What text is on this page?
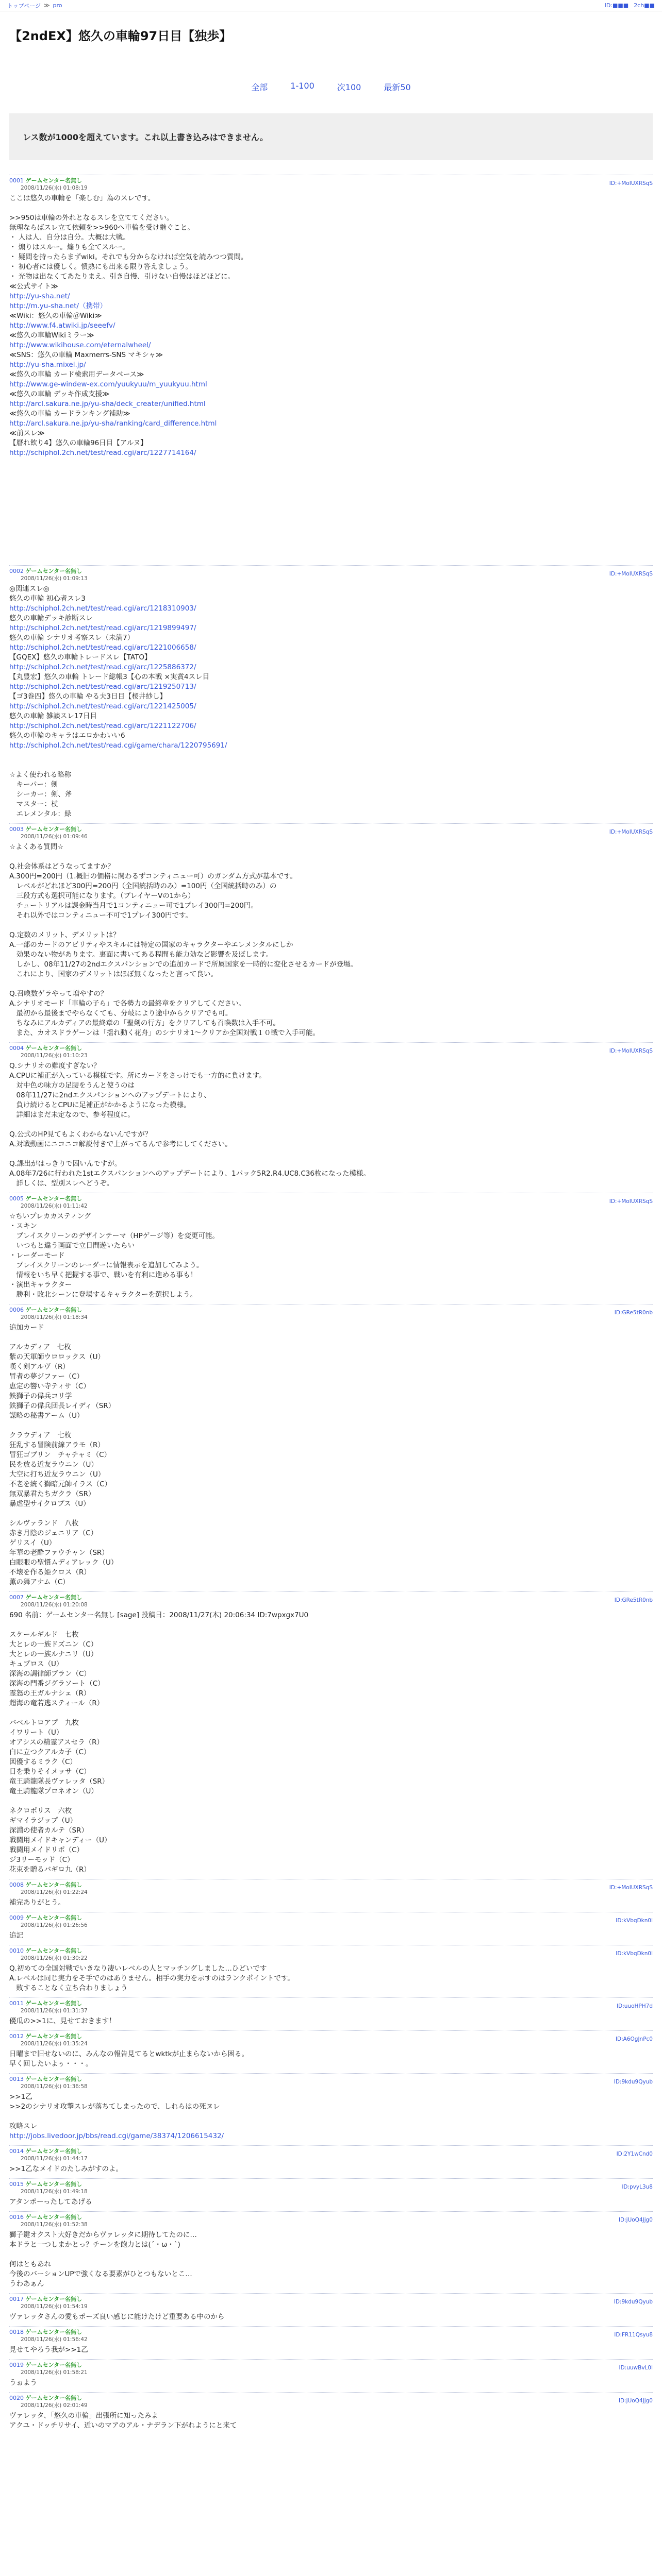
トップページ ≫ pro	ID:■■■ 2ch■■
【2ndEX】悠久の車輪97日目【独歩】
全部	1-100	次100	最新50
レス数が1000を超えています。これ以上書き込みはできません。
0001 ゲームセンター名無し
2008/11/26(水) 01:08:19
ID:+MoIUXRSqS
ここは悠久の車輪を「楽しむ」為のスレです。
>>950は車輪の外れとなるスレを立ててください。
無理ならばスレ立て依頼を>>960へ車輪を受け継ぐこと。
・ 人は人、自分は自分。大概は大戦。
・ 煽りはスルー。煽りも全てスルー。
・ 疑問を持ったらまずwiki。それでも分からなければ空気を読みつつ質問。
・ 初心者には優しく。慣熟にも出来る限り答えましょう。
・ 光物は出なくてあたりまえ。引き自慢、引けない自慢はほどほどに。
≪公式サイト≫
http://yu-sha.net/
http://m.yu-sha.net/（携帯）
≪Wiki：悠久の車輪＠Wiki≫
http://www.f4.atwiki.jp/seeefv/
≪悠久の車輪Wikiミラー≫
http://www.wikihouse.com/eternalwheel/
≪SNS：悠久の車輪 Maxmerrs-SNS マキシャ≫
http://yu-sha.mixel.jp/
≪悠久の車輪 カード検索用データベース≫
http://www.ge-windew-ex.com/yuukyuu/m_yuukyuu.html
≪悠久の車輪 デッキ作成支援≫
http://arcl.sakura.ne.jp/yu-sha/deck_creater/unified.html
≪悠久の車輪 カードランキング補助≫
http://arcl.sakura.ne.jp/yu-sha/ranking/card_difference.html
≪前スレ≫
【暦れ飲り4】悠久の車輪96日目【アルヌ】
http://schiphol.2ch.net/test/read.cgi/arc/1227714164/
0002 ゲームセンター名無し
2008/11/26(水) 01:09:13
ID:+MoIUXRSqS
◎関連スレ◎
悠久の車輪 初心者スレ3
http://schiphol.2ch.net/test/read.cgi/arc/1218310903/
悠久の車輪デッキ診断スレ
http://schiphol.2ch.net/test/read.cgi/arc/1219899497/
悠久の車輪 シナリオ考察スレ（未満7）
http://schiphol.2ch.net/test/read.cgi/arc/1221006658/
【GQEX】悠久の車輪トレードスレ【TATO】
http://schiphol.2ch.net/test/read.cgi/arc/1225886372/
【丸豊宏】悠久の車輪 トレード総帳3【心の本戦 ×実賞4スレ目
http://schiphol.2ch.net/test/read.cgi/arc/1219250713/
【ゴ3巻四】悠久の車輪 やる夫3日目【桜井紗し】
http://schiphol.2ch.net/test/read.cgi/arc/1221425005/
悠久の車輪 雑談スレ17日目
http://schiphol.2ch.net/test/read.cgi/arc/1221122706/
悠久の車輪のキャラはエロかわいい6
http://schiphol.2ch.net/test/read.cgi/game/chara/1220795691/
☆よく使われる略称
　キーパー：剣
　シーカー：剣、斧
　マスター：杖
　エレメンタル：緑
0003 ゲームセンター名無し
2008/11/26(水) 01:09:46
ID:+MoIUXRSqS
☆よくある質問☆
Q.社会体系はどうなってますか？
A.300円=200円（1.概旧の価格に関わるずコンティニュー可）のガンダム方式が基本です。
　レベルがどれほど300円=200円（全国統括時のみ）=100円（全国統括時のみ）の
　三段方式も選択可能になります。（プレイヤーVの1から）
　チュートリアルは課金時当月で1コンティニュー可で1プレイ300円=200円。
　それ以外ではコンティニュー不可で1プレイ300円です。
Q.定数のメリット、デメリットは？
A.一部のカードのアビリティやスキルには特定の国家のキャラクターやエレメンタルにしか
　効果のない物があります。裏面に書いてある程間も能力効など影響を及ぼします。
　しかし、08年11/27の2ndエクスパンションでの追加カードで所属国家を一時的に変化させるカードが登場。
　これにより、国家のデメリットはほぼ無くなったと言って良い。
Q.召喚数ゲラやって増やすの？
A.シナリオモード「車輪の子ら」で各勢力の最終章をクリアしてください。
　最初から最後までやらなくても、分岐により途中からクリアでも可。
　ちなみにアルカディアの最終章の「聖剣の行方」をクリアしても召喚数は入手不可。
　また、カオスドラゲーンは「揺れ動く花舟」のシナリオ1～クリアか全国対戦１０戦で入手可能。
0004 ゲームセンター名無し
2008/11/26(水) 01:10:23
ID:+MoIUXRSqS
Q.シナリオの難度すぎない？
A.CPUに補正が入っている模様です。所にカードをさっけでも一方的に負けます。
　対中色の味方の足腰をうんと使うのは
　08年11/27に2ndエクスパンションへのアップデートにより、
　負け続けるとCPUに足補正がかかるようになった模様。
　詳細はまだ未定なので、参考程度に。
Q.公式のHP見てもよくわからないんですが？
A.対戦動画にニコニコ解説付きで上がってるんで参考にしてください。
Q.課出がはっきりで困いんですが。
A.08年7/26に行われた1stエクスパンションへのアップデートにより、1パック5R2.R4.UC8.C36枚になった模様。
　詳しくは、型別スレへどうぞ。
0005 ゲームセンター名無し
2008/11/26(水) 01:11:42
ID:+MoIUXRSqS
☆ちいプレカカスティング
・スキン
　ブレイスクリーンのデザインテーマ（HPゲージ等）を変更可能。
　いつもと違う画面で立日間遊いたらい
・レーダーモード
　ブレイスクリーンのレーダーに情報表示を追加してみよう。
　情報をいち早く把握する事で、戦いを有利に進める事も！
・演出キャラクター
　勝利・敗北シーンに登場するキャラクターを選択しよう。
0006 ゲームセンター名無し
2008/11/26(水) 01:18:34
ID:GRe5tR0nb
追加カード
アルカディア　七枚
紫の天軍師ウロロックス（U）
嘆く剣アルヴ（R）
冒者の夢ジファー（C）
恵定の響い寺ティサ（C）
鉄獅子の偉兵コリ学
鉄獅子の偉兵団長レイディ（SR）
謀略の秘書アーム（U）
クラウディア　七枚
狂乱する冒険前線アラモ（R）
冒狂ゴブリン　チャチャミ（C）
民を放る近友ラウニン（U）
大空に打ち近友ラウニン（U）
不老を統く獅暗元帥イラス（C）
無双暴君たちガクラ（SR）
暴虐型サイクロプス（U）
シルヴァランド　八枚
赤き月陰のジェニリア（C）
ゲリスイ（U）
年華の老酔ファウチャン（SR）
白眼眼の聖慣ムディアレック（U）
不壊を作る姫クロス（R）
薫の舞アナム（C）
0007 ゲームセンター名無し
2008/11/26(水) 01:20:08
ID:GRe5tR0nb
690 名前：ゲームセンター名無し [sage] 投稿日：2008/11/27(木) 20:06:34 ID:7wpxgx7U0
スケールギルド　七枚
大とレの一族ドズニン（C）
大とレの一族ルナニリ（U）
キュプロス（U）
深海の調律師ブラン（C）
深海の門番ジグラソート（C）
霊怒の王ガルナシェ（R）
超海の竜若逃スティール（R）
バベルトロアプ　九枚
イワリート（U）
オアシスの精霊アスセラ（R）
白に立つクアルカ子（C）
図優するミラク（C）
日を乗りそイメッサ（C）
竜王騎龍隊長ヴァレッタ（SR）
竜王騎龍隊プロネオン（U）
ネクロポリス　六枚
ギマイラジップ（U）
深淵の使者カルテ（SR）
戦闘用メイドキャンディー（U）
戦闘用メイドリポ（C）
ジ3リーモッド（C）
花束を贈るバギロ九（R）
0008 ゲームセンター名無し
2008/11/26(水) 01:22:24
ID:+MoIUXRSqS
補完ありがとう。
0009 ゲームセンター名無し
2008/11/26(水) 01:26:56
ID:kVbqDkn0l
追記
0010 ゲームセンター名無し
2008/11/26(水) 01:30:22
ID:kVbqDkn0l
Q.初めての全国対戦でいきなり凄いレベルの人とマッチングしました…ひどいです
A.レベルは同じ実力をそ手でのはありません。相手の実力を示すのはランクポイントです。
　敗することなく立ち合わりましょう
0011 ゲームセンター名無し
2008/11/26(水) 01:31:37
ID:uuoHPH7d
優瓜の>>1に、見せておきます！
0012 ゲームセンター名無し
2008/11/26(水) 01:35:24
ID:A6OgJnPc0
日曜まで旧せないのに、みんなの報告見てるとwktkが止まらないから困る。
早く回したいよぅ・・・。
0013 ゲームセンター名無し
2008/11/26(水) 01:36:58
ID:9kdu9Qyub
>>1乙
>>2のシナリオ攻撃スレが落ちてしまったので、しれらはの死ヌレ
攻略スレ
http://jobs.livedoor.jp/bbs/read.cgi/game/38374/1206615432/
0014 ゲームセンター名無し
2008/11/26(水) 01:44:17
ID:2Y1wCnd0
>>1乙なメイドのたしみがすのよ。
0015 ゲームセンター名無し
2008/11/26(水) 01:49:18
ID:pvyL3u8
アタンポーったしてあげる
0016 ゲームセンター名無し
2008/11/26(水) 01:52:38
ID:jUoQ4Jjg0
獅子鍵オクスト大好きだからヴァレッタに期待してたのに…
本ドラと一つしまかとっ？チーンを飽力とは(´・ω・`)
何はともあれ
今後のバーションUPで強くなる要素がひとつもないとこ…
うわあぁん
0017 ゲームセンター名無し
2008/11/26(水) 01:54:19
ID:9kdu9Qyub
ヴァレッタさんの愛もポーズ良い感じに能けたけど重要ある中のから
0018 ゲームセンター名無し
2008/11/26(水) 01:56:42
ID:FR11Qsyu8
見せてやろう我が>>1乙
0019 ゲームセンター名無し
2008/11/26(水) 01:58:21
ID:uuwBvL0l
うぉよう
0020 ゲームセンター名無し
2008/11/26(水) 02:01:49
ID:jUoQ4Jjg0
ヴァレッタ、「悠久の車輪」出張所に知ったみよ
アクユ・ドッチリサイ、近いのマアのアル・ナデラン下がれようにと来て
